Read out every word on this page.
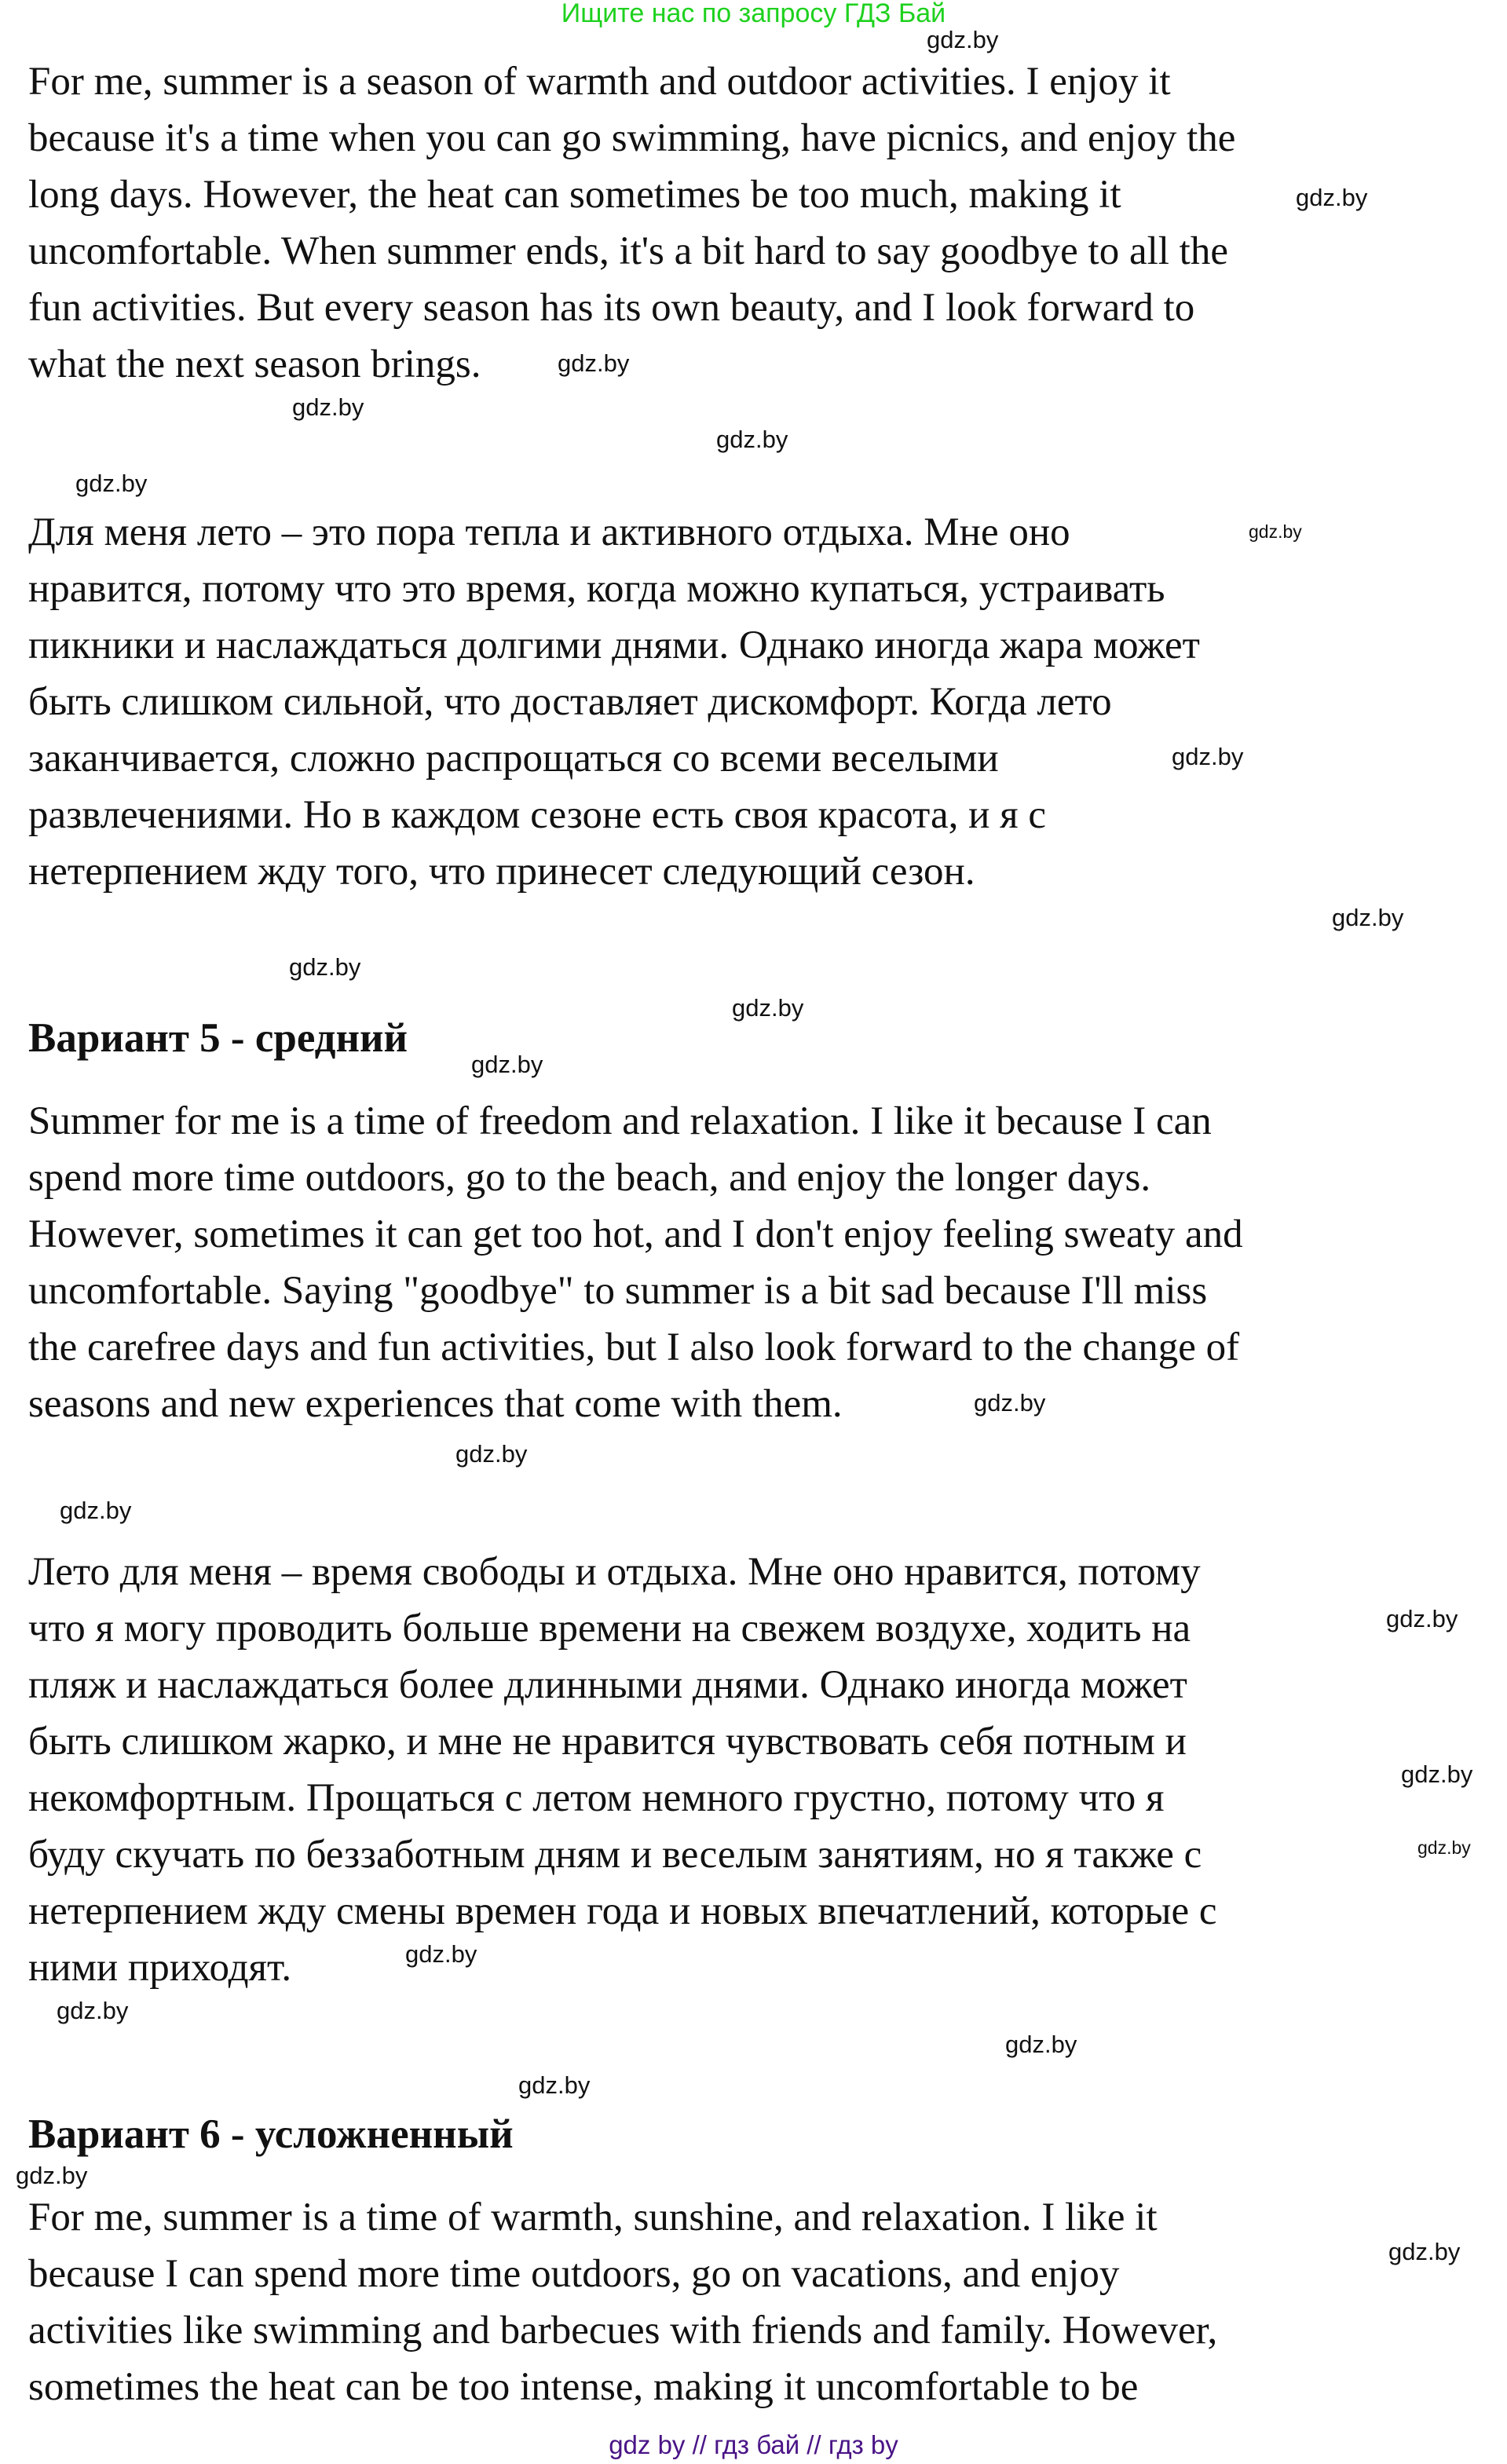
Ищите нас по запросу ГДЗ Бай
For me, summer is a season of warmth and outdoor activities. I enjoy it
because it's a time when you can go swimming, have picnics, and enjoy the
long days. However, the heat can sometimes be too much, making it
uncomfortable. When summer ends, it's a bit hard to say goodbye to all the
fun activities. But every season has its own beauty, and I look forward to
what the next season brings.
Для меня лето – это пора тепла и активного отдыха. Мне оно
нравится, потому что это время, когда можно купаться, устраивать
пикники и наслаждаться долгими днями. Однако иногда жара может
быть слишком сильной, что доставляет дискомфорт. Когда лето
заканчивается, сложно распрощаться со всеми веселыми
развлечениями. Но в каждом сезоне есть своя красота, и я с
нетерпением жду того, что принесет следующий сезон.
Вариант 5 - средний
Summer for me is a time of freedom and relaxation. I like it because I can
spend more time outdoors, go to the beach, and enjoy the longer days.
However, sometimes it can get too hot, and I don't enjoy feeling sweaty and
uncomfortable. Saying "goodbye" to summer is a bit sad because I'll miss
the carefree days and fun activities, but I also look forward to the change of
seasons and new experiences that come with them.
Лето для меня – время свободы и отдыха. Мне оно нравится, потому
что я могу проводить больше времени на свежем воздухе, ходить на
пляж и наслаждаться более длинными днями. Однако иногда может
быть слишком жарко, и мне не нравится чувствовать себя потным и
некомфортным. Прощаться с летом немного грустно, потому что я
буду скучать по беззаботным дням и веселым занятиям, но я также с
нетерпением жду смены времен года и новых впечатлений, которые с
ними приходят.
Вариант 6 - усложненный
For me, summer is a time of warmth, sunshine, and relaxation. I like it
because I can spend more time outdoors, go on vacations, and enjoy
activities like swimming and barbecues with friends and family. However,
sometimes the heat can be too intense, making it uncomfortable to be
gdz.by
gdz.by
gdz.by
gdz.by
gdz.by
gdz.by
gdz.by
gdz.by
gdz.by
gdz.by
gdz.by
gdz.by
gdz.by
gdz.by
gdz.by
gdz.by
gdz.by
gdz.by
gdz.by
gdz.by
gdz.by
gdz.by
gdz.by
gdz.by
gdz by // гдз бай // гдз by
